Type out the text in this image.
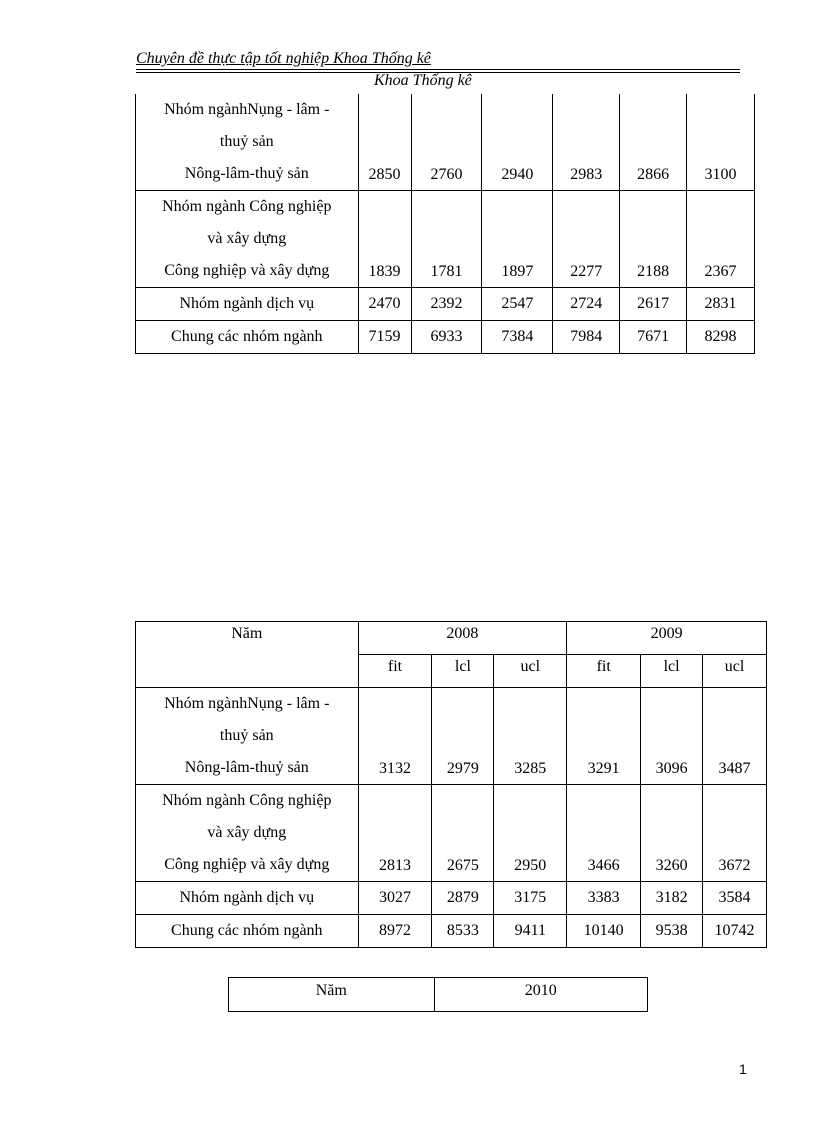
Chuyên đề thực tập tốt nghiệp Khoa Thống kê
Khoa Thống kê
Nhóm ngànhNụng - lâm -
thuỷ sản
Nông-lâm-thuỷ sản	2850	2760	2940	2983	2866	3100
Nhóm ngành Công nghiệp
và xây dựng
Công nghiệp và xây dựng	1839	1781	1897	2277	2188	2367
Nhóm ngành dịch vụ	2470	2392	2547	2724	2617	2831
Chung các nhóm ngành	7159	6933	7384	7984	7671	8298
Năm	2008			2009		
	fit	lcl	ucl	fit	lcl	ucl
Nhóm ngànhNụng - lâm -
thuỷ sản
Nông-lâm-thuỷ sản	3132	2979	3285	3291	3096	3487
Nhóm ngành Công nghiệp
và xây dựng
Công nghiệp và xây dựng	2813	2675	2950	3466	3260	3672
Nhóm ngành dịch vụ	3027	2879	3175	3383	3182	3584
Chung các nhóm ngành	8972	8533	9411	10140	9538	10742
Năm	2010
1
